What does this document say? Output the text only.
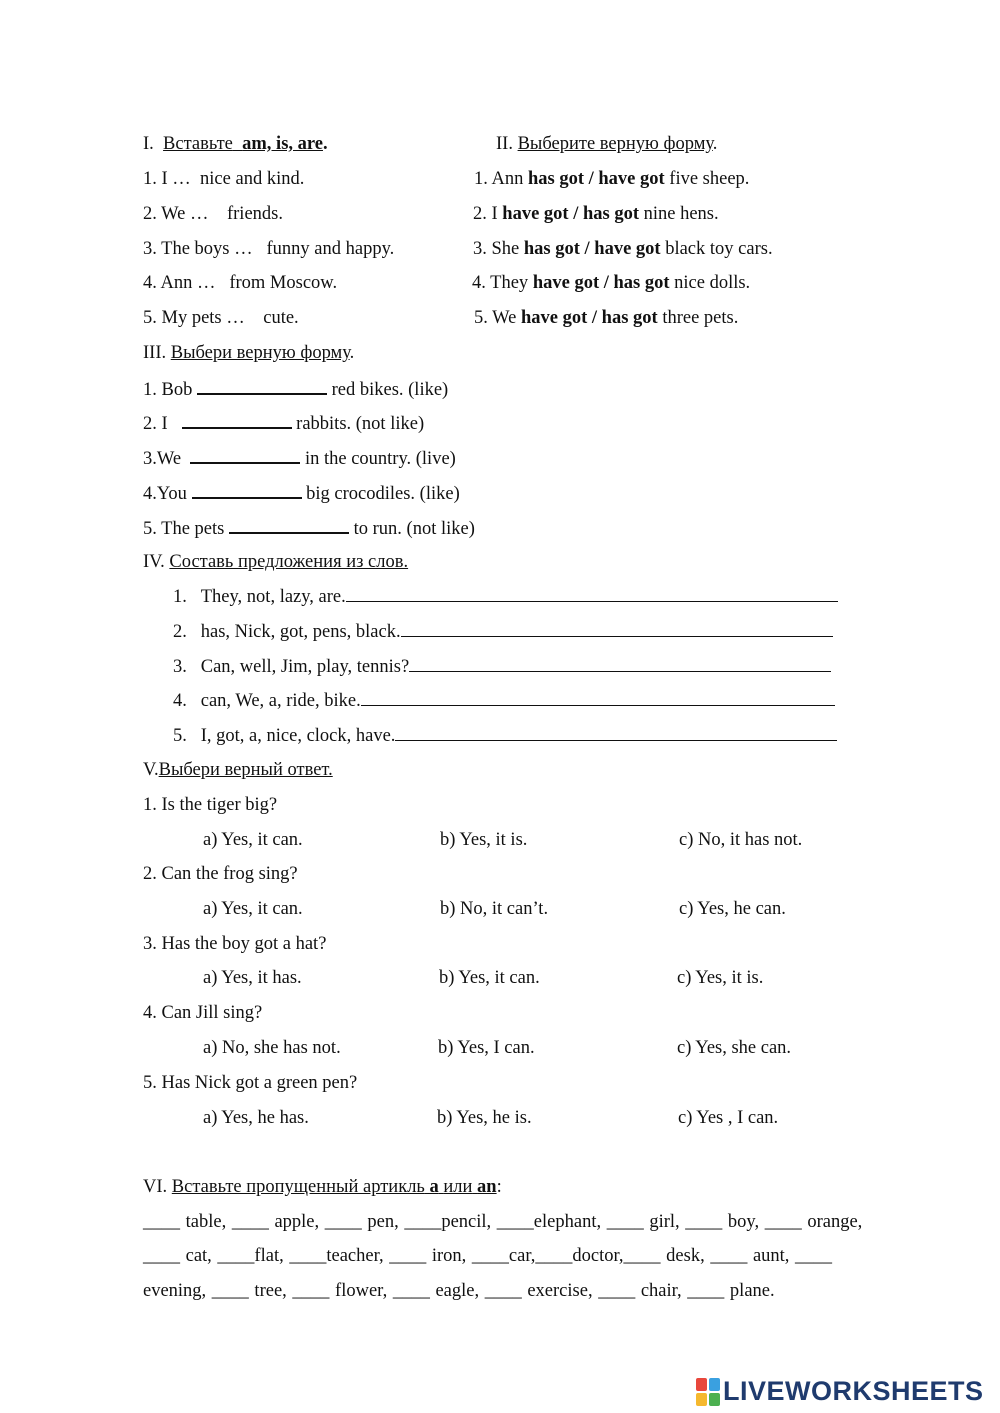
I. Вставьте am, is, are.
1. I … nice and kind.
2. We … friends.
3. The boys … funny and happy.
4. Ann … from Moscow.
5. My pets … cute.
II. Выберите верную форму.
1. Ann has got / have got five sheep.
2. I have got / has got nine hens.
3. She has got / have got black toy cars.
4. They have got / has got nice dolls.
5. We have got / has got three pets.
III. Выбери верную форму.
1. Bob	red bikes. (like)
2. I	rabbits. (not like)
3.We	in the country. (live)
4.You	big crocodiles. (like)
5. The pets	to run. (not like)
IV. Составь предложения из слов.
1. They, not, lazy, are.
2. has, Nick, got, pens, black.
3. Can, well, Jim, play, tennis?
4. can, We, a, ride, bike.
5. I, got, a, nice, clock, have.
V.Выбери верный ответ.
1. Is the tiger big?
a) Yes, it can.	b) Yes, it is.	c) No, it has not.
2. Can the frog sing?
a) Yes, it can.	b) No, it can’t.	c) Yes, he can.
3. Has the boy got a hat?
a) Yes, it has.	b) Yes, it can.	c) Yes, it is.
4. Can Jill sing?
a) No, she has not.	b) Yes, I can.	c) Yes, she can.
5. Has Nick got a green pen?
a) Yes, he has.	b) Yes, he is.	c) Yes , I can.
VI. Вставьте пропущенный артикль a или an:
____ table, ____ apple, ____ pen, ____pencil, ____elephant, ____ girl, ____ boy, ____ orange,
____ cat, ____flat, ____teacher, ____ iron, ____car,____doctor,____ desk, ____ aunt, ____
evening, ____ tree, ____ flower, ____ eagle, ____ exercise, ____ chair, ____ plane.
LIVEWORKSHEETS
